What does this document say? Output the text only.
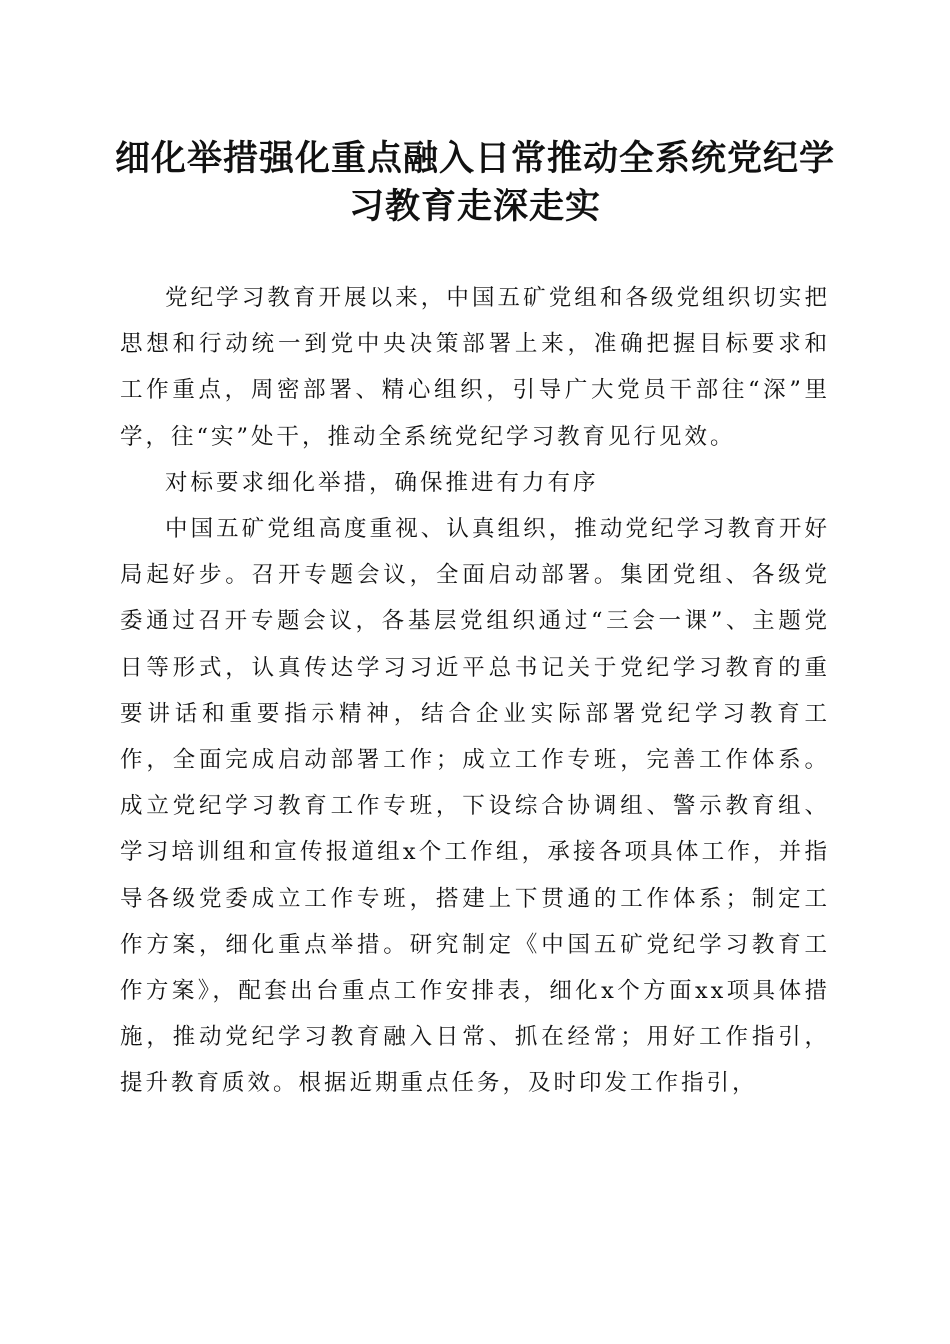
细化举措强化重点融入日常推动全系统党纪学习教育走深走实

党纪学习教育开展以来，中国五矿党组和各级党组织切实把思想和行动统一到党中央决策部署上来，准确把握目标要求和工作重点，周密部署、精心组织，引导广大党员干部往“深”里学，往“实”处干，推动全系统党纪学习教育见行见效。

对标要求细化举措，确保推进有力有序

中国五矿党组高度重视、认真组织，推动党纪学习教育开好局起好步。召开专题会议，全面启动部署。集团党组、各级党委通过召开专题会议，各基层党组织通过“三会一课”、主题党日等形式，认真传达学习习近平总书记关于党纪学习教育的重要讲话和重要指示精神，结合企业实际部署党纪学习教育工作，全面完成启动部署工作；成立工作专班，完善工作体系。成立党纪学习教育工作专班，下设综合协调组、警示教育组、学习培训组和宣传报道组x个工作组，承接各项具体工作，并指导各级党委成立工作专班，搭建上下贯通的工作体系；制定工作方案，细化重点举措。研究制定《中国五矿党纪学习教育工作方案》，配套出台重点工作安排表，细化x个方面xx项具体措施，推动党纪学习教育融入日常、抓在经常；用好工作指引，提升教育质效。根据近期重点任务，及时印发工作指引，
